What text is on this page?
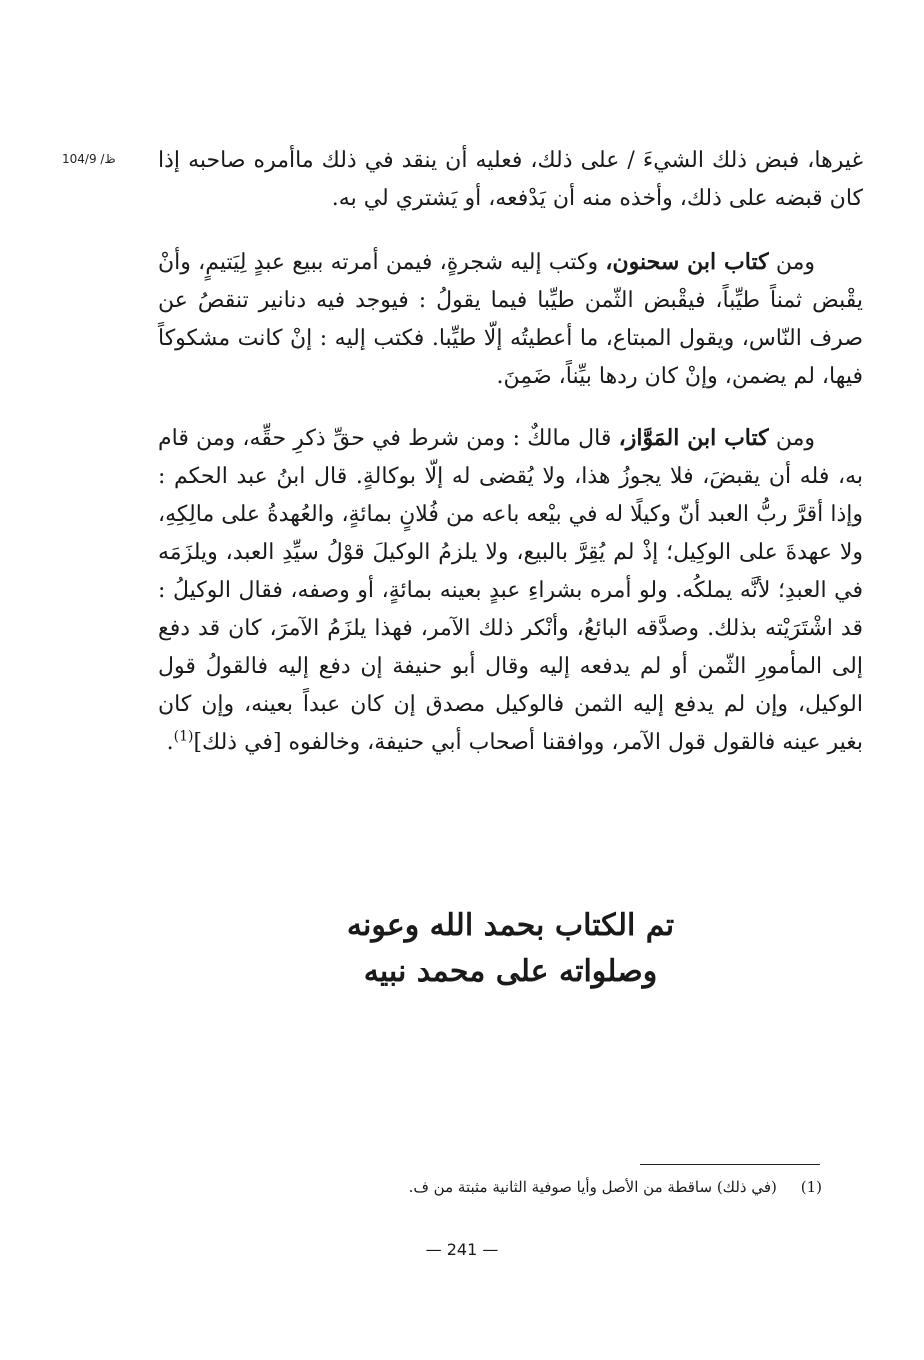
ظ/ 104/9 غيرها، فبض ذلك الشيءَ / على ذلك، فعليه أن ينقد في ذلك ماأمره صاحبه إذا كان قبضه على ذلك، وأخذه منه أن يَدْفعه، أو يَشتري لي به.

ومن كتاب ابن سحنون، وكتب إليه شجرةٍ، فيمن أمرته ببيع عبدٍ لِيَتيمٍ، وأنْ يقْبض ثمناً طيِّباً، فيقْبض الثّمن طيِّبا فيما يقولُ : فيوجد فيه دنانير تنقصُ عن صرف النّاس، ويقول المبتاع، ما أعطيتُه إلّا طيِّبا. فكتب إليه : إنْ كانت مشكوكاً فيها، لم يضمن، وإنْ كان ردها بيِّناً، ضَمِنَ.

ومن كتاب ابن المَوَّاز، قال مالكٌ : ومن شرط في حقِّ ذكرِ حقِّه، ومن قام به، فله أن يقبضَ، فلا يجوزُ هذا، ولا يُقضى له إلّا بوكالةٍ. قال ابنُ عبد الحكم : وإذا أقرَّ ربُّ العبد أنّ وكيلًا له في بيْعه باعه من فُلانٍ بمائةٍ، والعُهدةُ على مالِكِهِ، ولا عهدةَ على الوكِيل؛ إذْ لم يُقِرَّ بالبيع، ولا يلزمُ الوكيلَ قوْلُ سيِّدِ العبد، ويلزَمَه في العبدِ؛ لأنَّه يملكُه. ولو أمره بشراءِ عبدٍ بعينه بمائةٍ، أو وصفه، فقال الوكيلُ : قد اشْتَرَيْته بذلك. وصدَّقه البائعُ، وأنْكر ذلك الآمر، فهذا يلزَمُ الآمرَ، كان قد دفع إلى المأمورِ الثّمن أو لم يدفعه إليه وقال أبو حنيفة إن دفع إليه فالقولُ قول الوكيل، وإن لم يدفع إليه الثمن فالوكيل مصدق إن كان عبداً بعينه، وإن كان بغير عينه فالقول قول الآمر، ووافقنا أصحاب أبي حنيفة، وخالفوه [في ذلك]$^{(1)}$.

تم الكتاب بحمد الله وعونه
وصلواته على محمد نبيه
(1)     (في ذلك) ساقطة من الأصل وأيا صوفية الثانية مثبتة من ف.
— 241 —
